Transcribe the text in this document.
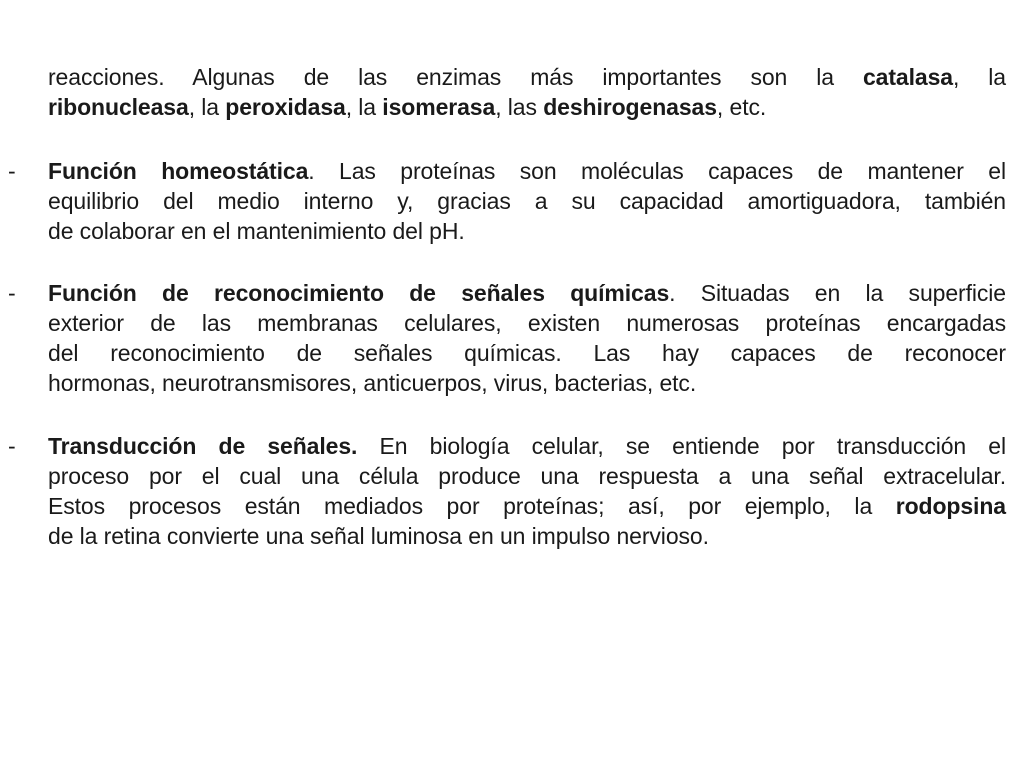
-
-
-
reacciones. Algunas de las enzimas más importantes son la catalasa, la
ribonucleasa, la peroxidasa, la isomerasa, las deshirogenasas, etc.
Función homeostática. Las proteínas son moléculas capaces de mantener el
equilibrio del medio interno y, gracias a su capacidad amortiguadora, también
de colaborar en el mantenimiento del pH.
Función de reconocimiento de señales químicas. Situadas en la superficie
exterior de las membranas celulares, existen numerosas proteínas encargadas
del reconocimiento de señales químicas. Las hay capaces de reconocer
hormonas, neurotransmisores, anticuerpos, virus, bacterias, etc.
Transducción de señales. En biología celular, se entiende por transducción el
proceso por el cual una célula produce una respuesta a una señal extracelular.
Estos procesos están mediados por proteínas; así, por ejemplo, la rodopsina
de la retina convierte una señal luminosa en un impulso nervioso.
